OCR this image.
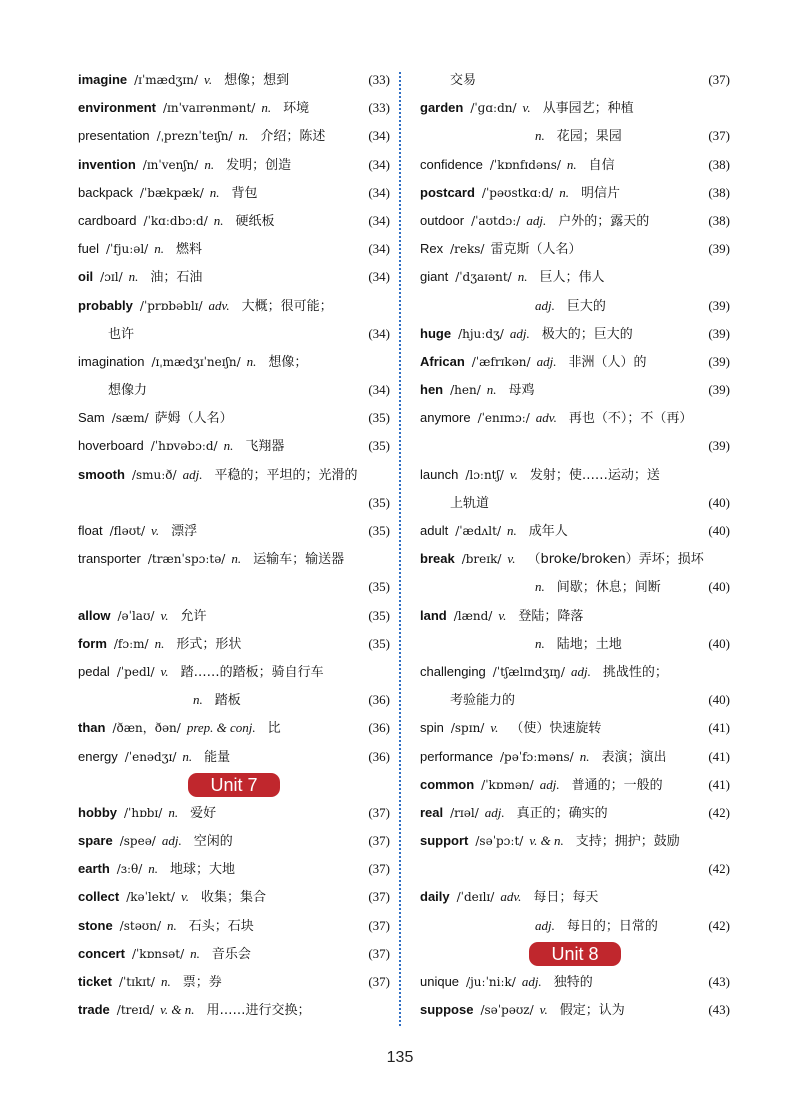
imagine /ɪˈmædʒɪn/ v. 想像；想到	(33)
environment /ɪnˈvaɪrənmənt/ n. 环境	(33)
presentation /ˌpreznˈteɪʃn/ n. 介绍；陈述	(34)
invention /ɪnˈvenʃn/ n. 发明；创造	(34)
backpack /ˈbækpæk/ n. 背包	(34)
cardboard /ˈkɑːdbɔːd/ n. 硬纸板	(34)
fuel /ˈfjuːəl/ n. 燃料	(34)
oil /ɔɪl/ n. 油；石油	(34)
probably /ˈprɒbəblɪ/ adv. 大概；很可能；
也许	(34)
imagination /ɪˌmædʒɪˈneɪʃn/ n. 想像；
想像力	(34)
Sam /sæm/ 萨姆（人名）	(35)
hoverboard /ˈhɒvəbɔːd/ n. 飞翔器	(35)
smooth /smuːð/ adj. 平稳的；平坦的；光滑的
(35)
float /fləʊt/ v. 漂浮	(35)
transporter /trænˈspɔːtə/ n. 运输车；输送器
(35)
allow /əˈlaʊ/ v. 允许	(35)
form /fɔːm/ n. 形式；形状	(35)
pedal /ˈpedl/ v. 踏……的踏板；骑自行车
n. 踏板	(36)
than /ðæn，ðən/ prep. & conj. 比	(36)
energy /ˈenədʒɪ/ n. 能量	(36)
Unit 7
hobby /ˈhɒbɪ/ n. 爱好	(37)
spare /speə/ adj. 空闲的	(37)
earth /ɜːθ/ n. 地球；大地	(37)
collect /kəˈlekt/ v. 收集；集合	(37)
stone /stəʊn/ n. 石头；石块	(37)
concert /ˈkɒnsət/ n. 音乐会	(37)
ticket /ˈtɪkɪt/ n. 票；券	(37)
trade /treɪd/ v. & n. 用……进行交换；
交易	(37)
garden /ˈɡɑːdn/ v. 从事园艺；种植
n. 花园；果园	(37)
confidence /ˈkɒnfɪdəns/ n. 自信	(38)
postcard /ˈpəʊstkɑːd/ n. 明信片	(38)
outdoor /ˈaʊtdɔː/ adj. 户外的；露天的	(38)
Rex /reks/ 雷克斯（人名）	(39)
giant /ˈdʒaɪənt/ n. 巨人；伟人
adj. 巨大的	(39)
huge /hjuːdʒ/ adj. 极大的；巨大的	(39)
African /ˈæfrɪkən/ adj. 非洲（人）的	(39)
hen /hen/ n. 母鸡	(39)
anymore /ˈenɪmɔː/ adv. 再也（不）；不（再）
(39)
launch /lɔːntʃ/ v. 发射；使……运动；送
上轨道	(40)
adult /ˈædʌlt/ n. 成年人	(40)
break /breɪk/ v. （broke/broken）弄坏；损坏
n. 间歇；休息；间断	(40)
land /lænd/ v. 登陆；降落
n. 陆地；土地	(40)
challenging /ˈtʃælɪndʒɪŋ/ adj. 挑战性的；
考验能力的	(40)
spin /spɪn/ v. （使）快速旋转	(41)
performance /pəˈfɔːməns/ n. 表演；演出	(41)
common /ˈkɒmən/ adj. 普通的；一般的	(41)
real /rɪəl/ adj. 真正的；确实的	(42)
support /səˈpɔːt/ v. & n. 支持；拥护；鼓励
(42)
daily /ˈdeɪlɪ/ adv. 每日；每天
adj. 每日的；日常的	(42)
Unit 8
unique /juːˈniːk/ adj. 独特的	(43)
suppose /səˈpəʊz/ v. 假定；认为	(43)
135
